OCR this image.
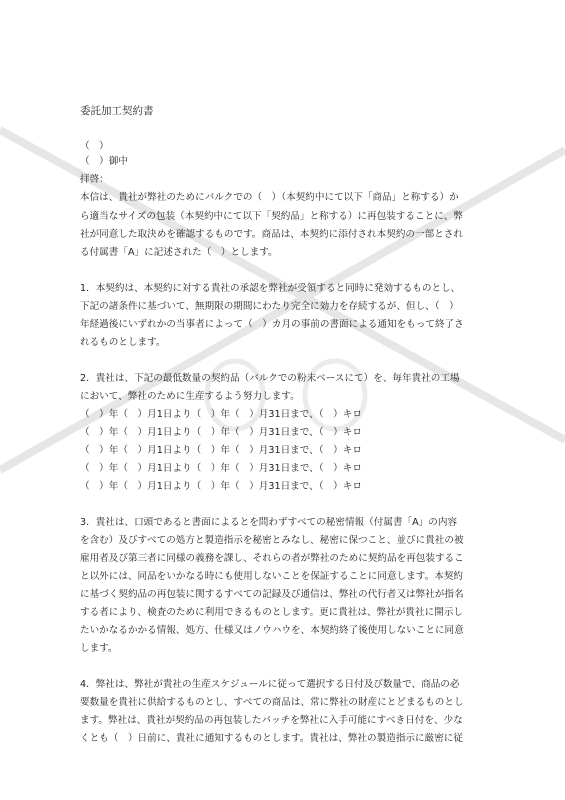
委託加工契約書
（　）
（　）御中
拝啓：
本信は、貴社が弊社のためにバルクでの（　）（本契約中にて以下「商品」と称する）か
ら適当なサイズの包装（本契約中にて以下「契約品」と称する）に再包装することに、弊
社が同意した取決めを確認するものです。商品は、本契約に添付され本契約の一部とされ
る付属書「A」に記述された（　）とします。
1．本契約は、本契約に対する貴社の承認を弊社が受領すると同時に発効するものとし、
下記の諸条件に基づいて、無期限の期間にわたり完全に効力を存続するが、但し、（　）
年経過後にいずれかの当事者によって（　）カ月の事前の書面による通知をもって終了さ
れるものとします。
2．貴社は、下記の最低数量の契約品（バルクでの粉末ベースにて）を、毎年貴社の工場
において、弊社のために生産するよう努力します。
（　）年（　）月1日より（　）年（　）月31日まで、（　）キロ
（　）年（　）月1日より（　）年（　）月31日まで、（　）キロ
（　）年（　）月1日より（　）年（　）月31日まで、（　）キロ
（　）年（　）月1日より（　）年（　）月31日まで、（　）キロ
（　）年（　）月1日より（　）年（　）月31日まで、（　）キロ
3．貴社は、口頭であると書面によるとを問わずすべての秘密情報（付属書「A」の内容
を含む）及びすべての処方と製造指示を秘密とみなし、秘密に保つこと、並びに貴社の被
雇用者及び第三者に同様の義務を課し、それらの者が弊社のために契約品を再包装するこ
と以外には、同品をいかなる時にも使用しないことを保証することに同意します。本契約
に基づく契約品の再包装に関するすべての記録及び通信は、弊社の代行者又は弊社が指名
する者により、検査のために利用できるものとします。更に貴社は、弊社が貴社に開示し
たいかなるかかる情報、処方、仕様又はノウハウを、本契約終了後使用しないことに同意
します。
4．弊社は、弊社が貴社の生産スケジュールに従って選択する日付及び数量で、商品の必
要数量を貴社に供給するものとし、すべての商品は、常に弊社の財産にとどまるものとし
ます。弊社は、貴社が契約品の再包装したバッチを弊社に入手可能にすべき日付を、少な
くとも（　）日前に、貴社に通知するものとします。貴社は、弊社の製造指示に厳密に従
